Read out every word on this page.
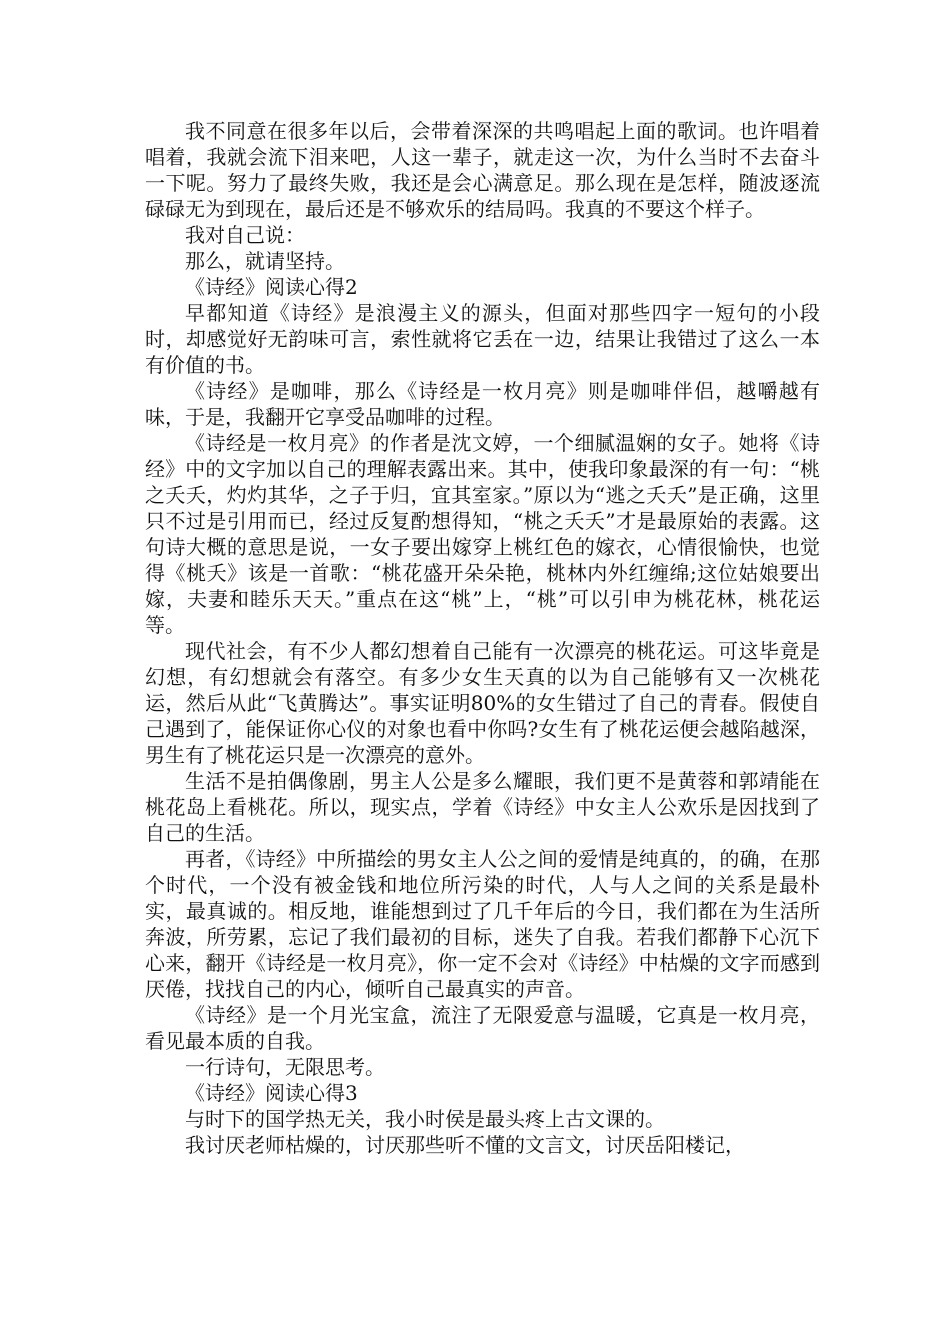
我不同意在很多年以后，会带着深深的共鸣唱起上面的歌词。也许唱着唱着，我就会流下泪来吧，人这一辈子，就走这一次，为什么当时不去奋斗一下呢。努力了最终失败，我还是会心满意足。那么现在是怎样，随波逐流碌碌无为到现在，最后还是不够欢乐的结局吗。我真的不要这个样子。

我对自己说：

那么，就请坚持。

《诗经》阅读心得2

早都知道《诗经》是浪漫主义的源头，但面对那些四字一短句的小段时，却感觉好无韵味可言，索性就将它丢在一边，结果让我错过了这么一本有价值的书。

《诗经》是咖啡，那么《诗经是一枚月亮》则是咖啡伴侣，越嚼越有味，于是，我翻开它享受品咖啡的过程。

《诗经是一枚月亮》的作者是沈文婷，一个细腻温娴的女子。她将《诗经》中的文字加以自己的理解表露出来。其中，使我印象最深的有一句：“桃之夭夭，灼灼其华，之子于归，宜其室家。”原以为“逃之夭夭”是正确，这里只不过是引用而已，经过反复酌想得知，“桃之夭夭”才是最原始的表露。这句诗大概的意思是说，一女子要出嫁穿上桃红色的嫁衣，心情很愉快，也觉得《桃夭》该是一首歌：“桃花盛开朵朵艳，桃林内外红缠绵;这位姑娘要出嫁，夫妻和睦乐天天。”重点在这“桃”上，“桃”可以引申为桃花林，桃花运等。

现代社会，有不少人都幻想着自己能有一次漂亮的桃花运。可这毕竟是幻想，有幻想就会有落空。有多少女生天真的以为自己能够有又一次桃花运，然后从此“飞黄腾达”。事实证明80%的女生错过了自己的青春。假使自己遇到了，能保证你心仪的对象也看中你吗?女生有了桃花运便会越陷越深，男生有了桃花运只是一次漂亮的意外。

生活不是拍偶像剧，男主人公是多么耀眼，我们更不是黄蓉和郭靖能在桃花岛上看桃花。所以，现实点，学着《诗经》中女主人公欢乐是因找到了自己的生活。

再者，《诗经》中所描绘的男女主人公之间的爱情是纯真的，的确，在那个时代，一个没有被金钱和地位所污染的时代，人与人之间的关系是最朴实，最真诚的。相反地，谁能想到过了几千年后的今日，我们都在为生活所奔波，所劳累，忘记了我们最初的目标，迷失了自我。若我们都静下心沉下心来，翻开《诗经是一枚月亮》，你一定不会对《诗经》中枯燥的文字而感到厌倦，找找自己的内心，倾听自己最真实的声音。

《诗经》是一个月光宝盒，流注了无限爱意与温暖，它真是一枚月亮，看见最本质的自我。

一行诗句，无限思考。

《诗经》阅读心得3

与时下的国学热无关，我小时侯是最头疼上古文课的。

我讨厌老师枯燥的，讨厌那些听不懂的文言文，讨厌岳阳楼记，
